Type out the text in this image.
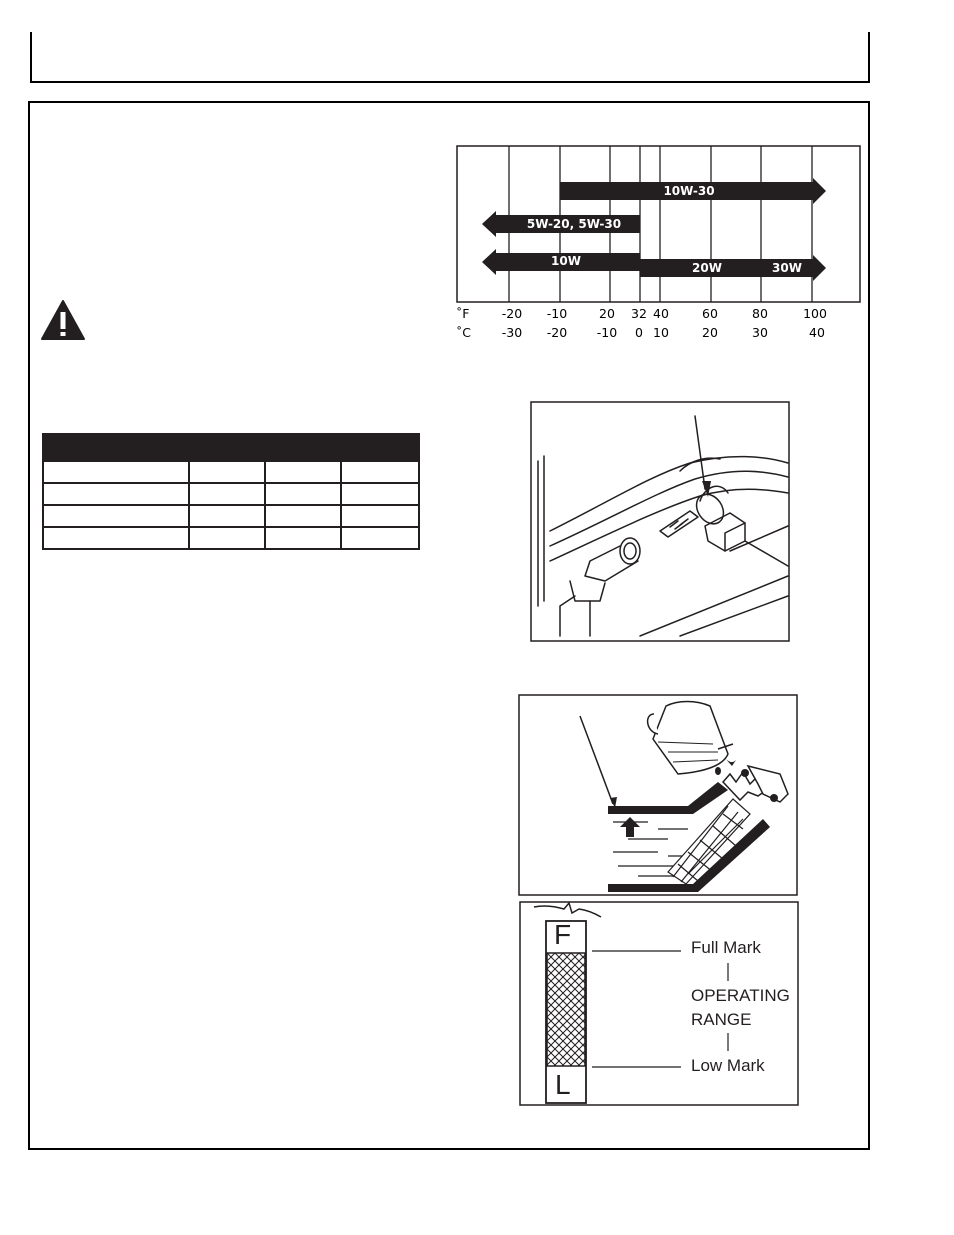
10W-30
5W-20, 5W-30
10W	20W	30W
˚F
˚C
-20 -10	20 32 40	60	80	100
-30 -20 -10 0 10	20	30	40
F
L
Full Mark
OPERATING
RANGE
Low Mark
